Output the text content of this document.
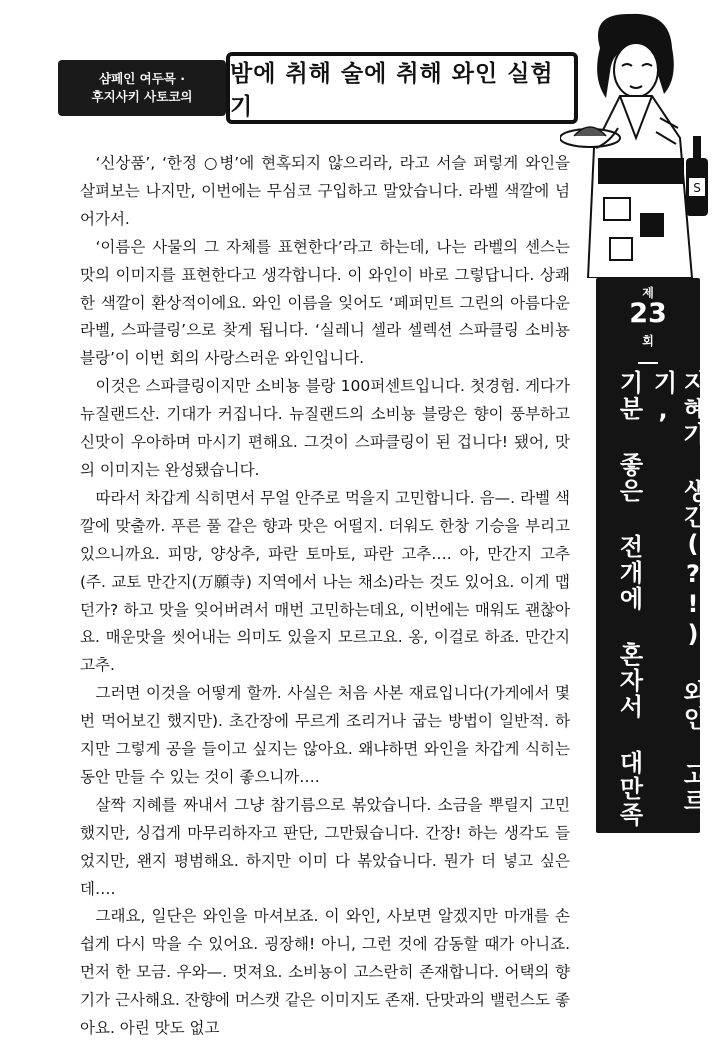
샴페인 여두목 ·
후지사키 사토코의
밤에 취해 술에 취해 와인 실험기
S
제
23
회
지혜가 생긴(?!) 와인 고르기,
기분 좋은 전개에 혼자서 대만족

‘신상품’, ‘한정 ○병’에 현혹되지 않으리라, 라고 서슬 퍼렇게 와인을 살펴보는 나지만, 이번에는 무심코 구입하고 말았습니다. 라벨 색깔에 넘어가서.

‘이름은 사물의 그 자체를 표현한다’라고 하는데, 나는 라벨의 센스는 맛의 이미지를 표현한다고 생각합니다. 이 와인이 바로 그렇답니다. 상쾌한 색깔이 환상적이에요. 와인 이름을 잊어도 ‘페퍼민트 그린의 아름다운 라벨, 스파클링’으로 찾게 됩니다. ‘실레니 셀라 셀렉션 스파클링 소비뇽 블랑’이 이번 회의 사랑스러운 와인입니다.

이것은 스파클링이지만 소비뇽 블랑 100퍼센트입니다. 첫경험. 게다가 뉴질랜드산. 기대가 커집니다. 뉴질랜드의 소비뇽 블랑은 향이 풍부하고 신맛이 우아하며 마시기 편해요. 그것이 스파클링이 된 겁니다! 됐어, 맛의 이미지는 완성됐습니다.

따라서 차갑게 식히면서 무얼 안주로 먹을지 고민합니다. 음—. 라벨 색깔에 맞출까. 푸른 풀 같은 향과 맛은 어떨지. 더워도 한창 기승을 부리고 있으니까요. 피망, 양상추, 파란 토마토, 파란 고추…. 아, 만간지 고추 (주. 교토 만간지(万願寺) 지역에서 나는 채소)라는 것도 있어요. 이게 맵던가? 하고 맛을 잊어버려서 매번 고민하는데요, 이번에는 매워도 괜찮아요. 매운맛을 씻어내는 의미도 있을지 모르고요. 옹, 이걸로 하죠. 만간지 고추.

그러면 이것을 어떻게 할까. 사실은 처음 사본 재료입니다(가게에서 몇 번 먹어보긴 했지만). 초간장에 무르게 조리거나 굽는 방법이 일반적. 하지만 그렇게 공을 들이고 싶지는 않아요. 왜냐하면 와인을 차갑게 식히는 동안 만들 수 있는 것이 좋으니까….

살짝 지혜를 짜내서 그냥 참기름으로 볶았습니다. 소금을 뿌릴지 고민했지만, 싱겁게 마무리하자고 판단, 그만뒀습니다. 간장! 하는 생각도 들었지만, 왠지 평범해요. 하지만 이미 다 볶았습니다. 뭔가 더 넣고 싶은데….

그래요, 일단은 와인을 마셔보죠. 이 와인, 사보면 알겠지만 마개를 손쉽게 다시 막을 수 있어요. 굉장해! 아니, 그런 것에 감동할 때가 아니죠. 먼저 한 모금. 우와—. 멋져요. 소비뇽이 고스란히 존재합니다. 어택의 향기가 근사해요. 잔향에 머스캣 같은 이미지도 존재. 단맛과의 밸런스도 좋아요. 아린 맛도 없고
